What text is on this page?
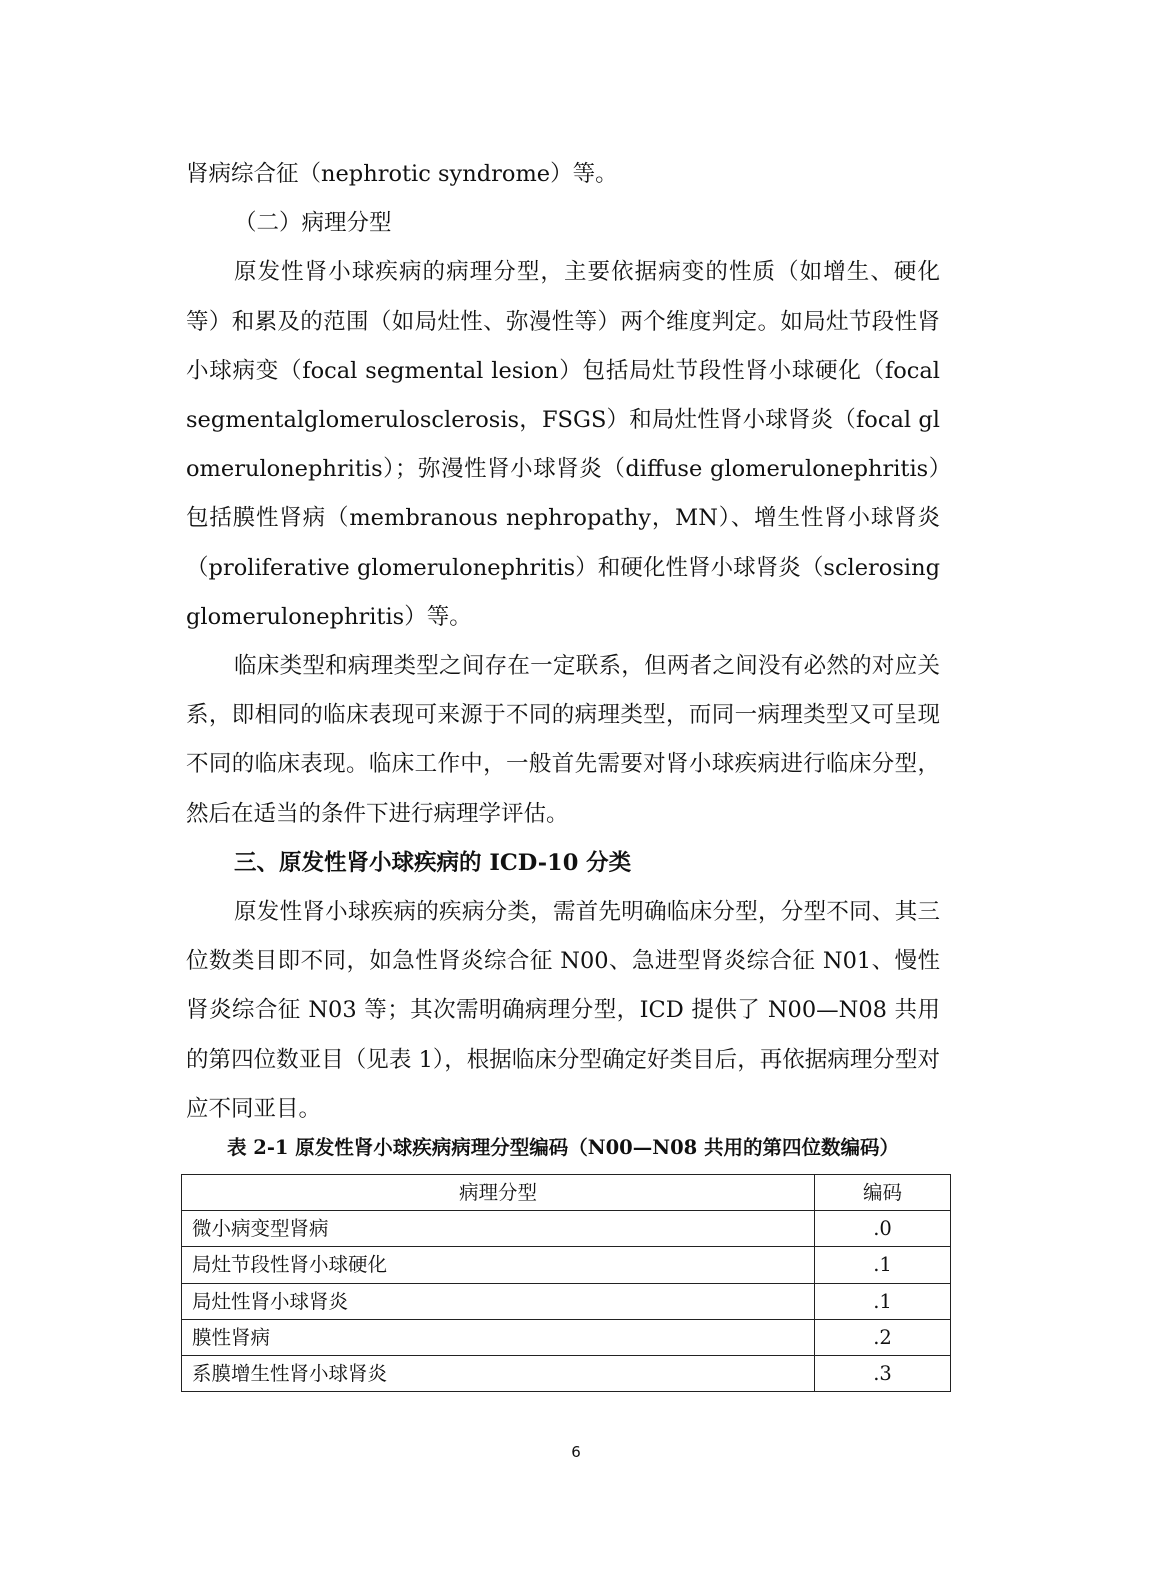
肾病综合征（nephrotic syndrome）等。

（二）病理分型

原发性肾小球疾病的病理分型，主要依据病变的性质（如增生、硬化等）和累及的范围（如局灶性、弥漫性等）两个维度判定。如局灶节段性肾小球病变（focal segmental lesion）包括局灶节段性肾小球硬化（focal segmentalglomerulosclerosis，FSGS）和局灶性肾小球肾炎（focal glomerulonephritis）；弥漫性肾小球肾炎（diffuse glomerulonephritis）包括膜性肾病（membranous nephropathy，MN）、增生性肾小球肾炎（proliferative glomerulonephritis）和硬化性肾小球肾炎（sclerosing glomerulonephritis）等。

临床类型和病理类型之间存在一定联系，但两者之间没有必然的对应关系，即相同的临床表现可来源于不同的病理类型，而同一病理类型又可呈现不同的临床表现。临床工作中，一般首先需要对肾小球疾病进行临床分型，然后在适当的条件下进行病理学评估。

三、原发性肾小球疾病的 ICD-10 分类

原发性肾小球疾病的疾病分类，需首先明确临床分型，分型不同、其三位数类目即不同，如急性肾炎综合征 N00、急进型肾炎综合征 N01、慢性肾炎综合征 N03 等；其次需明确病理分型，ICD 提供了 N00—N08 共用的第四位数亚目（见表 1），根据临床分型确定好类目后，再依据病理分型对应不同亚目。

表 2-1 原发性肾小球疾病病理分型编码（N00—N08 共用的第四位数编码）
病理分型	编码
微小病变型肾病	.0
局灶节段性肾小球硬化	.1
局灶性肾小球肾炎	.1
膜性肾病	.2
系膜增生性肾小球肾炎	.3
6
